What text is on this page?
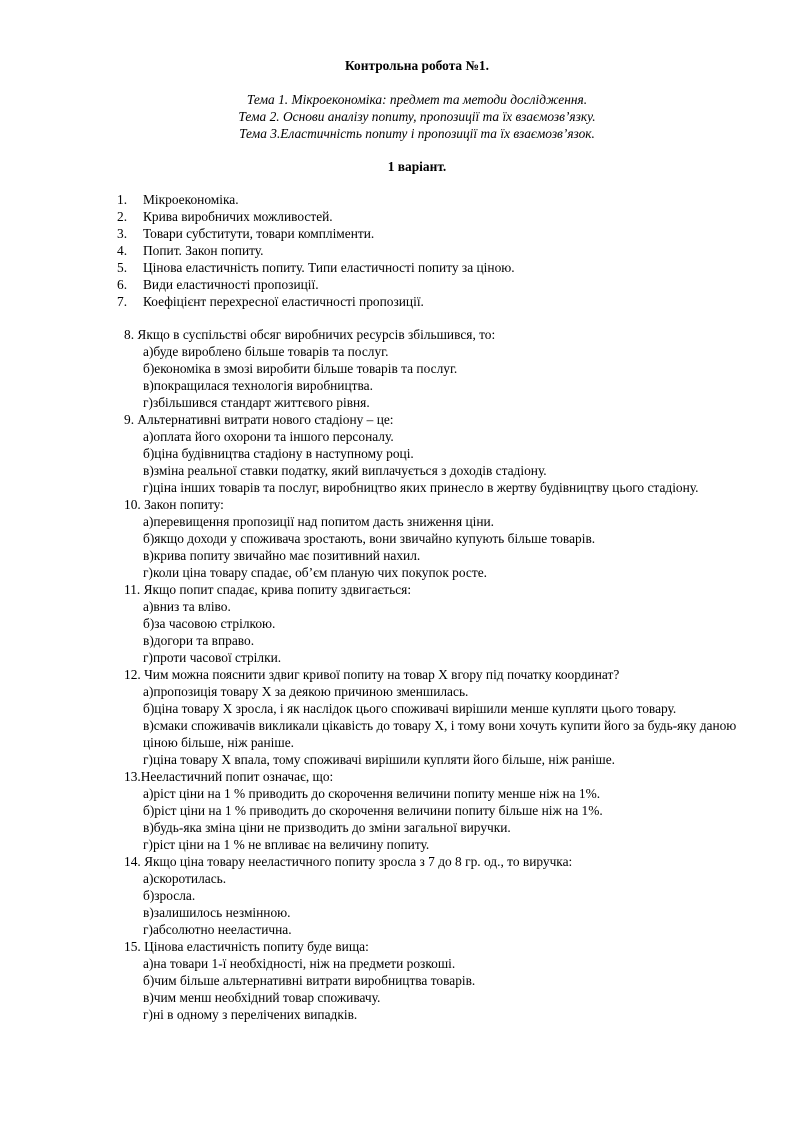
Контрольна робота №1.
Тема 1. Мікроекономіка: предмет та методи дослідження.
Тема 2. Основи аналізу попиту, пропозиції та їх взаємозв’язку.
Тема 3.Еластичність попиту і пропозиції та їх взаємозв’язок.
1 варіант.
1. Мікроекономіка.
2. Крива виробничих можливостей.
3. Товари субститути, товари компліменти.
4. Попит. Закон попиту.
5. Цінова еластичність попиту. Типи еластичності попиту за ціною.
6. Види еластичності пропозиції.
7. Коефіцієнт перехресної еластичності пропозиції.
8. Якщо в суспільстві обсяг виробничих ресурсів збільшився, то:
а)буде вироблено більше товарів та послуг.
б)економіка в змозі виробити більше товарів та послуг.
в)покращилася технологія виробництва.
г)збільшився стандарт життєвого рівня.
9. Альтернативні витрати нового стадіону – це:
а)оплата його охорони та іншого персоналу.
б)ціна будівництва стадіону в наступному році.
в)зміна реальної ставки податку, який виплачується з доходів стадіону.
г)ціна інших товарів та послуг, виробництво яких принесло в жертву будівництву цього стадіону.
10. Закон попиту:
а)перевищення пропозиції над попитом дасть зниження ціни.
б)якщо доходи у споживача зростають, вони звичайно купують більше товарів.
в)крива попиту звичайно має позитивний нахил.
г)коли ціна товару спадає, об’єм планую чих покупок росте.
11. Якщо попит спадає, крива попиту здвигається:
а)вниз та вліво.
б)за часовою стрілкою.
в)догори та вправо.
г)проти часової стрілки.
12. Чим можна пояснити здвиг кривої попиту на товар Х вгору під початку координат?
а)пропозиція товару Х за деякою причиною зменшилась.
б)ціна товару Х зросла, і як наслідок цього споживачі вирішили менше купляти цього товару.
в)смаки споживачів викликали цікавість до товару Х, і тому вони хочуть купити його за будь-яку даною ціною більше, ніж раніше.
г)ціна товару Х впала, тому споживачі вирішили купляти його більше, ніж раніше.
13.Нееластичний попит означає, що:
а)ріст ціни на 1 % приводить до скорочення величини попиту менше ніж на 1%.
б)ріст ціни на 1 % приводить до скорочення величини попиту більше ніж на 1%.
в)будь-яка зміна ціни не призводить до зміни загальної виручки.
г)ріст ціни на 1 % не впливає на величину попиту.
14. Якщо ціна товару нееластичного попиту зросла з 7 до 8 гр. од., то виручка:
а)скоротилась.
б)зросла.
в)залишилось незмінною.
г)абсолютно нееластична.
15. Цінова еластичність попиту буде вища:
а)на товари 1-ї необхідності, ніж на предмети розкоші.
б)чим більше альтернативні витрати виробництва товарів.
в)чим менш необхідний товар споживачу.
г)ні в одному з перелічених випадків.
